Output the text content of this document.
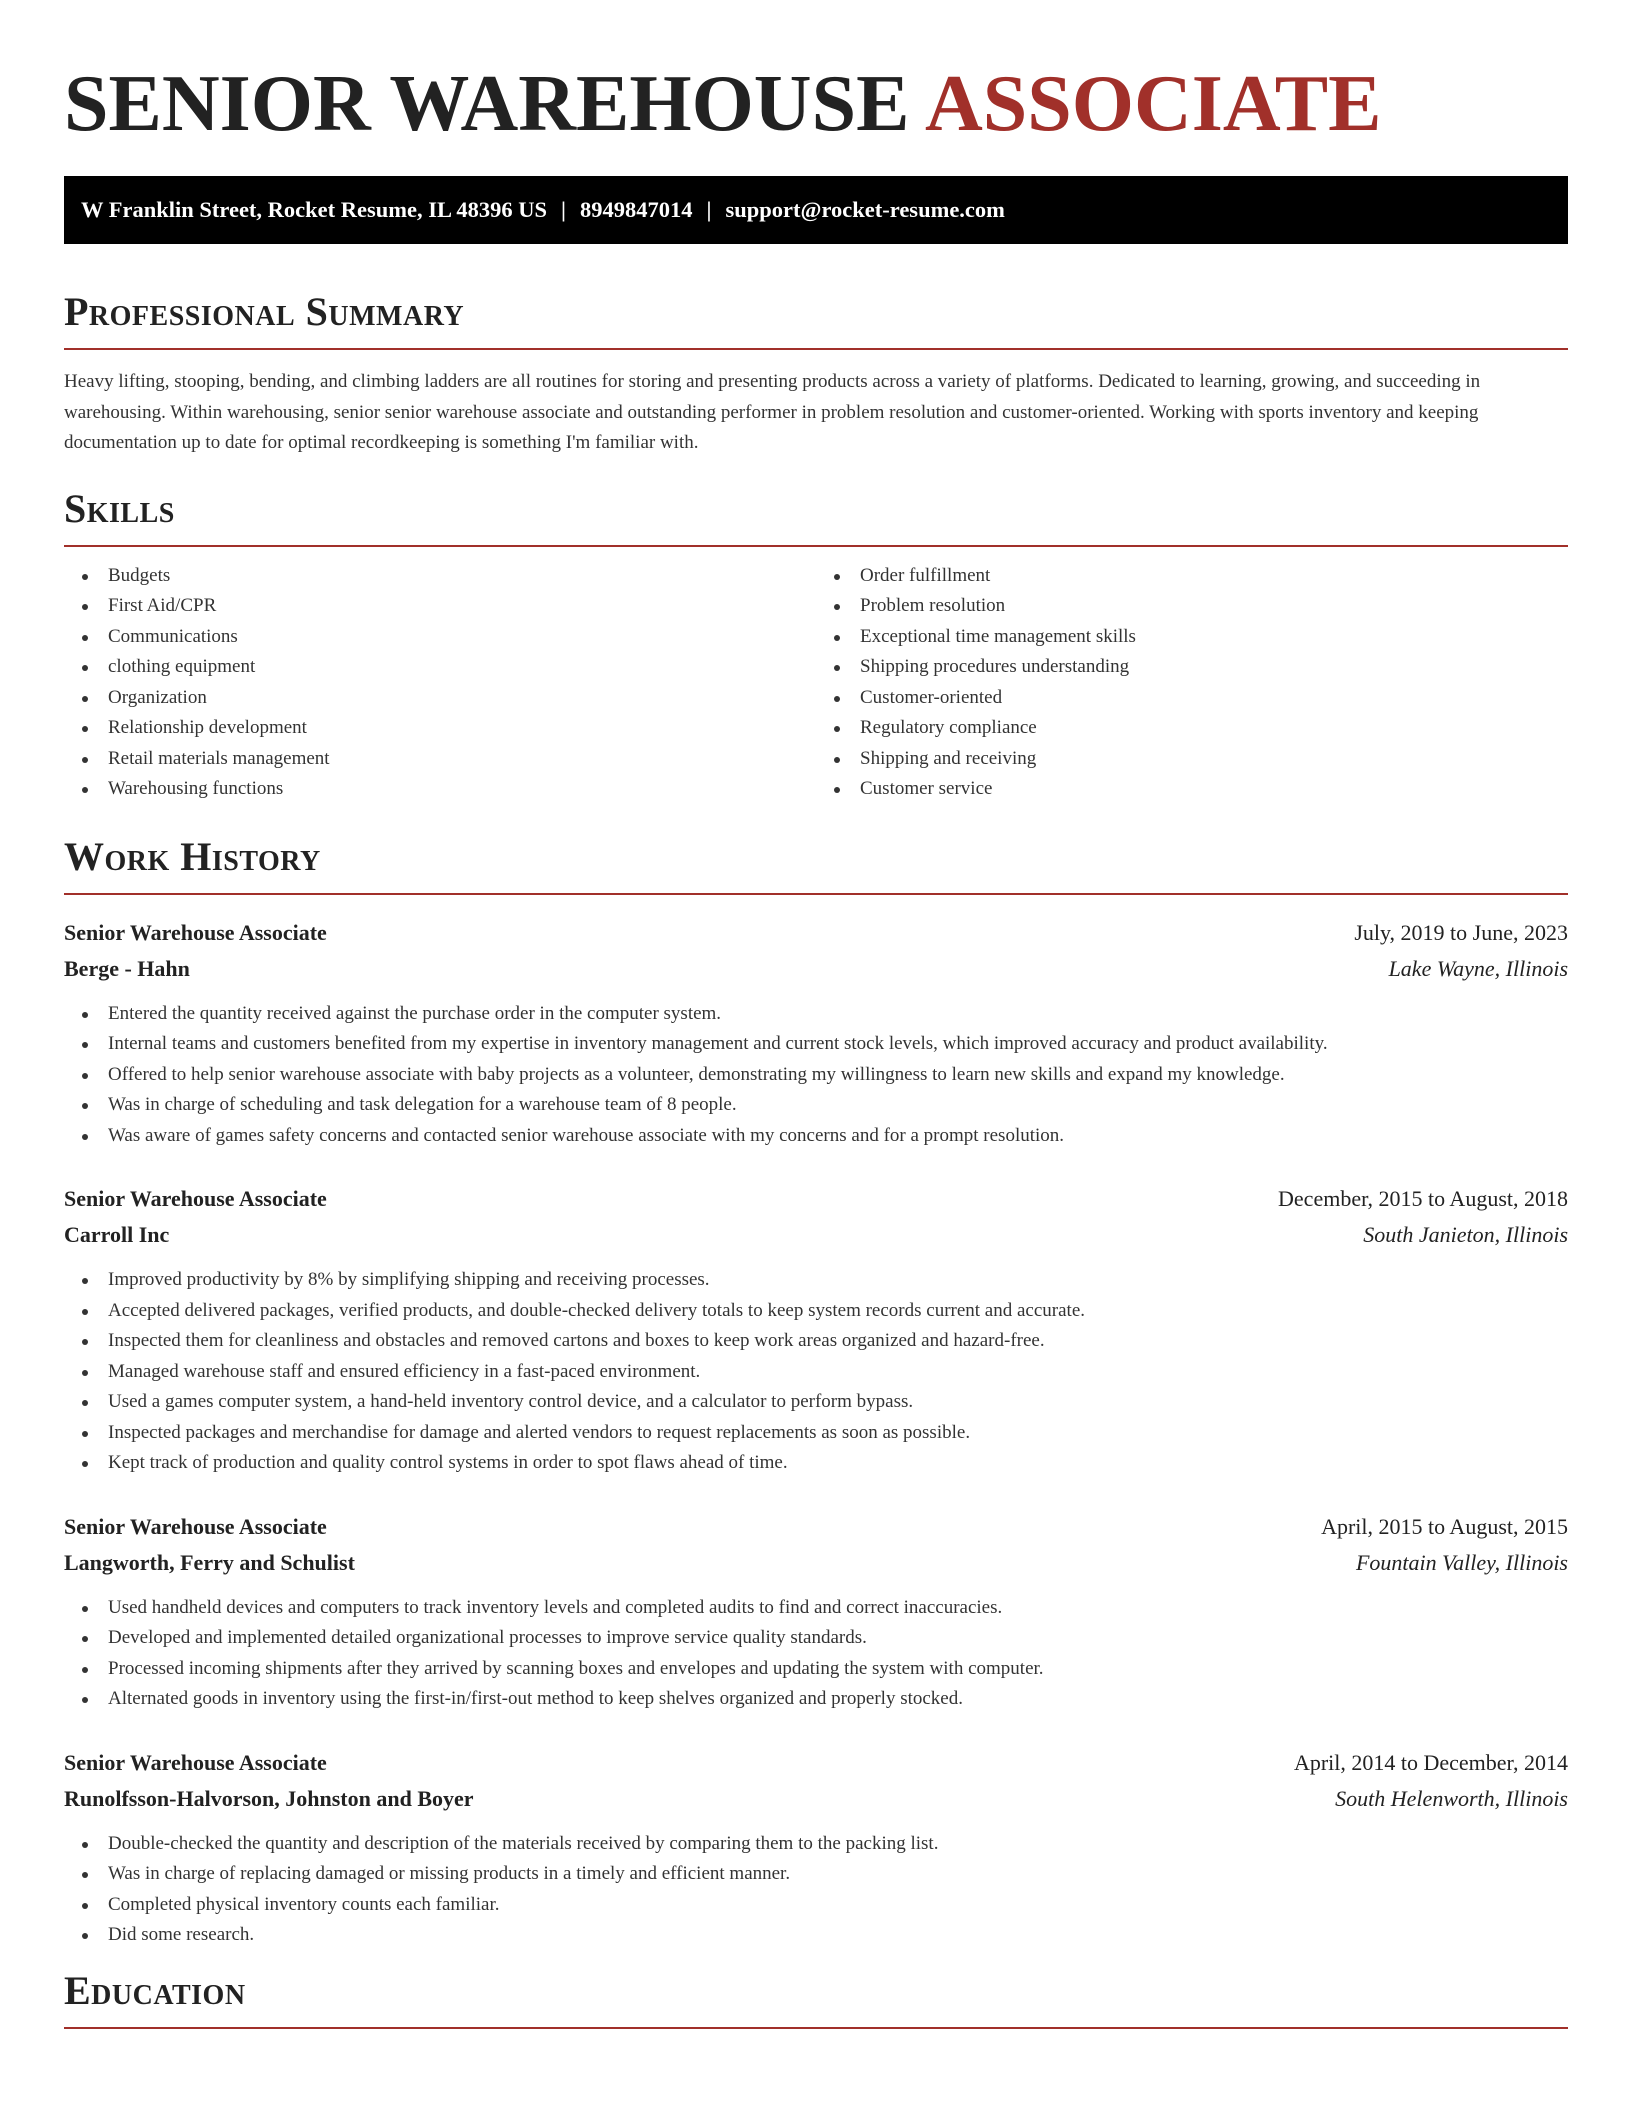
SENIOR WAREHOUSE ASSOCIATE
W Franklin Street, Rocket Resume, IL 48396 US | 8949847014 | support@rocket-resume.com
Professional Summary

Heavy lifting, stooping, bending, and climbing ladders are all routines for storing and presenting products across a variety of platforms. Dedicated to learning, growing, and succeeding in warehousing. Within warehousing, senior senior warehouse associate and outstanding performer in problem resolution and customer-oriented. Working with sports inventory and keeping documentation up to date for optimal recordkeeping is something I'm familiar with.

Skills
Budgets
First Aid/CPR
Communications
clothing equipment
Organization
Relationship development
Retail materials management
Warehousing functions
Order fulfillment
Problem resolution
Exceptional time management skills
Shipping procedures understanding
Customer-oriented
Regulatory compliance
Shipping and receiving
Customer service
Work History
Senior Warehouse Associate	July, 2019 to June, 2023
Berge - Hahn	Lake Wayne, Illinois
Entered the quantity received against the purchase order in the computer system.
Internal teams and customers benefited from my expertise in inventory management and current stock levels, which improved accuracy and product availability.
Offered to help senior warehouse associate with baby projects as a volunteer, demonstrating my willingness to learn new skills and expand my knowledge.
Was in charge of scheduling and task delegation for a warehouse team of 8 people.
Was aware of games safety concerns and contacted senior warehouse associate with my concerns and for a prompt resolution.
Senior Warehouse Associate	December, 2015 to August, 2018
Carroll Inc	South Janieton, Illinois
Improved productivity by 8% by simplifying shipping and receiving processes.
Accepted delivered packages, verified products, and double-checked delivery totals to keep system records current and accurate.
Inspected them for cleanliness and obstacles and removed cartons and boxes to keep work areas organized and hazard-free.
Managed warehouse staff and ensured efficiency in a fast-paced environment.
Used a games computer system, a hand-held inventory control device, and a calculator to perform bypass.
Inspected packages and merchandise for damage and alerted vendors to request replacements as soon as possible.
Kept track of production and quality control systems in order to spot flaws ahead of time.
Senior Warehouse Associate	April, 2015 to August, 2015
Langworth, Ferry and Schulist	Fountain Valley, Illinois
Used handheld devices and computers to track inventory levels and completed audits to find and correct inaccuracies.
Developed and implemented detailed organizational processes to improve service quality standards.
Processed incoming shipments after they arrived by scanning boxes and envelopes and updating the system with computer.
Alternated goods in inventory using the first-in/first-out method to keep shelves organized and properly stocked.
Senior Warehouse Associate	April, 2014 to December, 2014
Runolfsson-Halvorson, Johnston and Boyer	South Helenworth, Illinois
Double-checked the quantity and description of the materials received by comparing them to the packing list.
Was in charge of replacing damaged or missing products in a timely and efficient manner.
Completed physical inventory counts each familiar.
Did some research.
Education
